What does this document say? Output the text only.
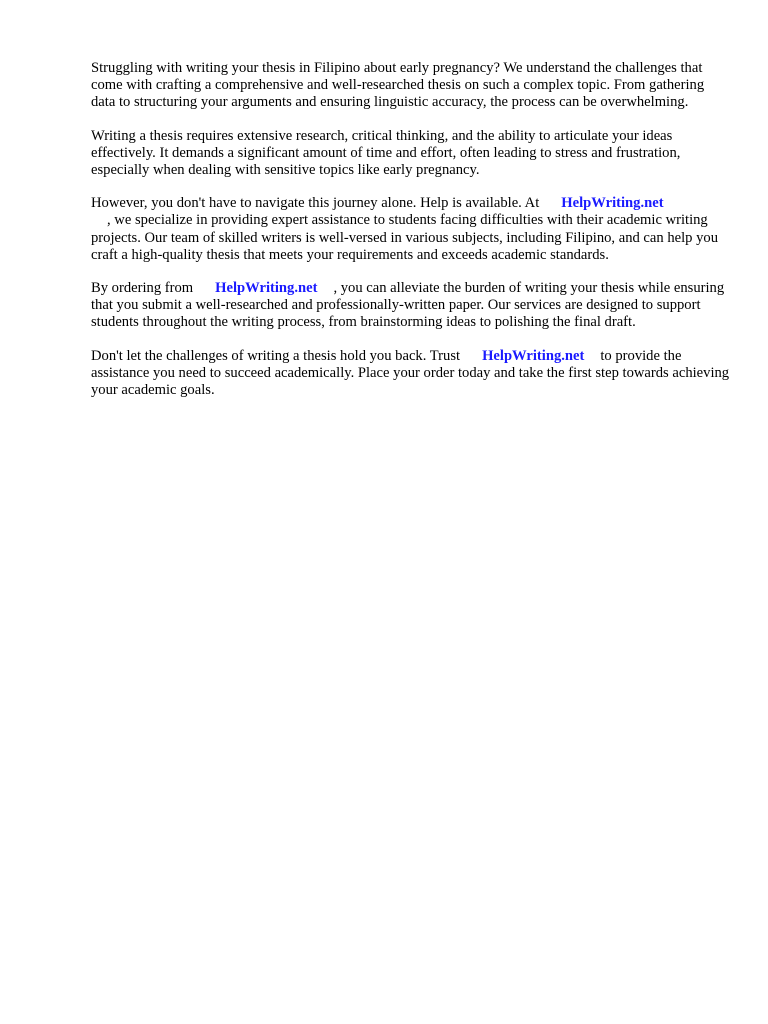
Struggling with writing your thesis in Filipino about early pregnancy? We understand the challenges that come with crafting a comprehensive and well-researched thesis on such a complex topic. From gathering data to structuring your arguments and ensuring linguistic accuracy, the process can be overwhelming.

Writing a thesis requires extensive research, critical thinking, and the ability to articulate your ideas effectively. It demands a significant amount of time and effort, often leading to stress and frustration, especially when dealing with sensitive topics like early pregnancy.

However, you don't have to navigate this journey alone. Help is available. At HelpWriting.net
, we specialize in providing expert assistance to students facing difficulties with their academic writing projects. Our team of skilled writers is well-versed in various subjects, including Filipino, and can help you craft a high-quality thesis that meets your requirements and exceeds academic standards.

By ordering from HelpWriting.net , you can alleviate the burden of writing your thesis while ensuring that you submit a well-researched and professionally-written paper. Our services are designed to support students throughout the writing process, from brainstorming ideas to polishing the final draft.

Don't let the challenges of writing a thesis hold you back. Trust HelpWriting.net to provide the assistance you need to succeed academically. Place your order today and take the first step towards achieving your academic goals.
